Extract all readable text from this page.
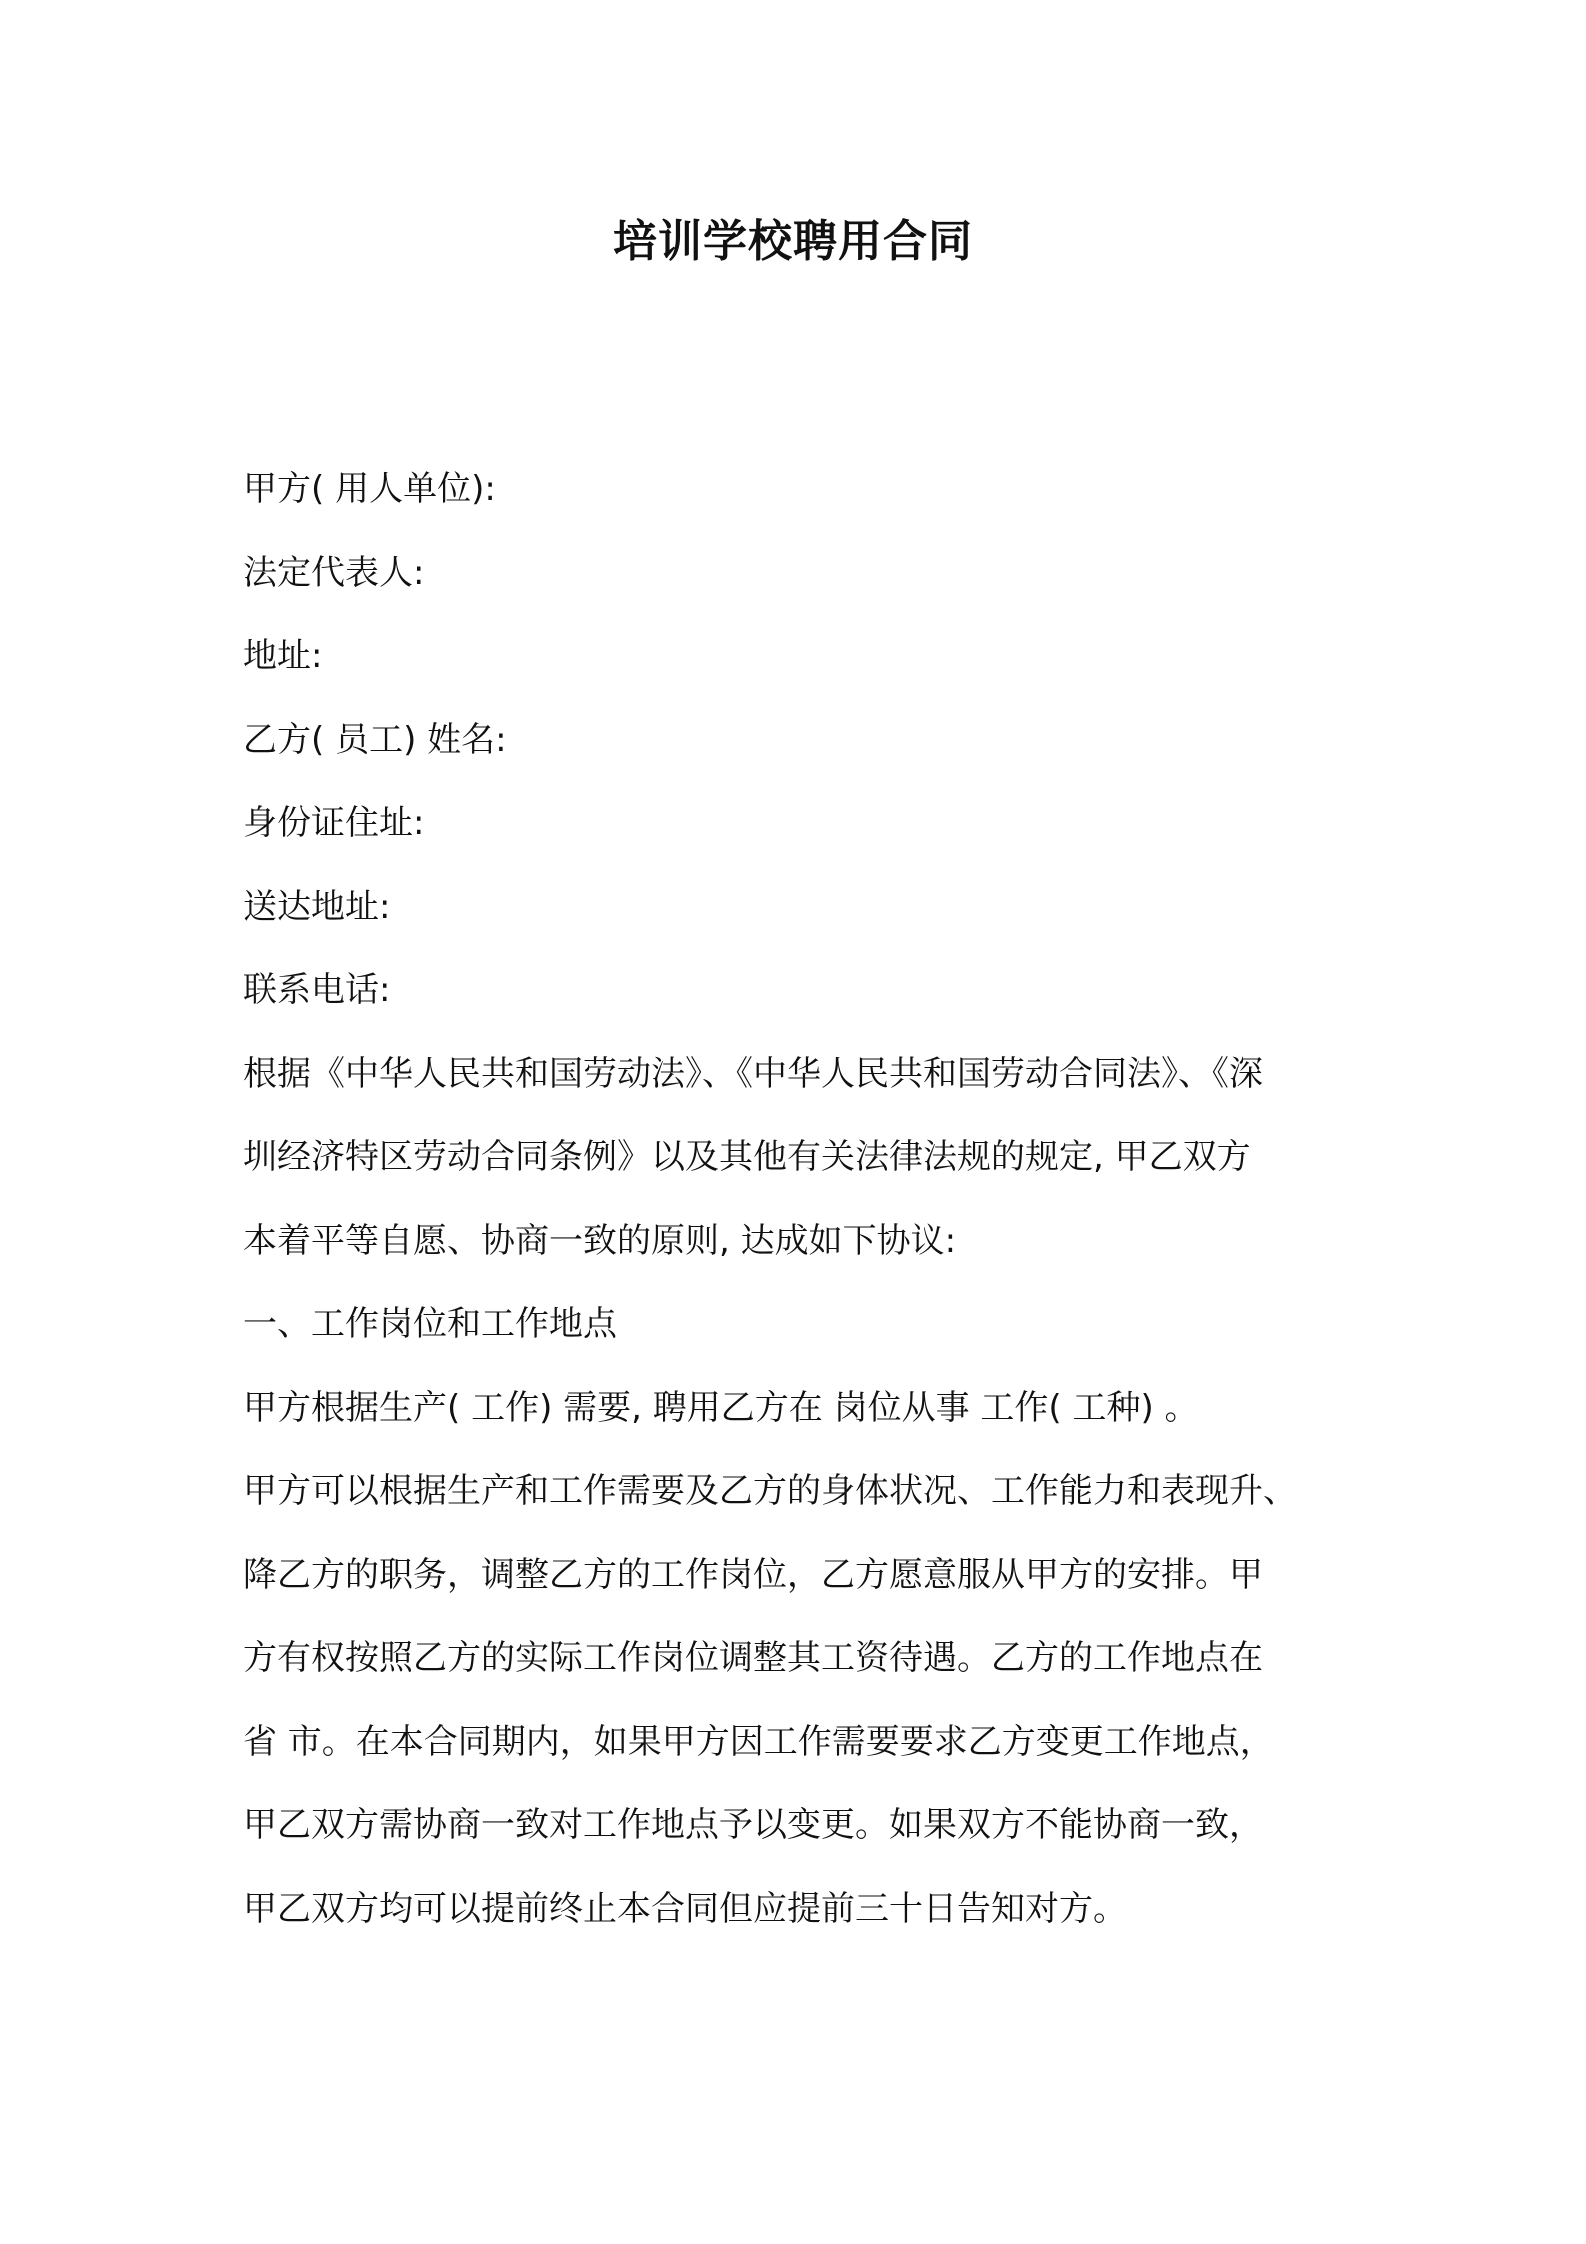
培训学校聘用合同
甲方( 用人单位):
法定代表人:
地址:
乙方( 员工) 姓名:
身份证住址:
送达地址:
联系电话:
根据《中华人民共和国劳动法》、《中华人民共和国劳动合同法》、《深
圳经济特区劳动合同条例》以及其他有关法律法规的规定, 甲乙双方
本着平等自愿、协商一致的原则, 达成如下协议:
一、工作岗位和工作地点
甲方根据生产( 工作) 需要, 聘用乙方在 岗位从事 工作( 工种) 。
甲方可以根据生产和工作需要及乙方的身体状况、工作能力和表现升、
降乙方的职务，调整乙方的工作岗位，乙方愿意服从甲方的安排。甲
方有权按照乙方的实际工作岗位调整其工资待遇。乙方的工作地点在
省 市。在本合同期内，如果甲方因工作需要要求乙方变更工作地点，
甲乙双方需协商一致对工作地点予以变更。如果双方不能协商一致，
甲乙双方均可以提前终止本合同但应提前三十日告知对方。
